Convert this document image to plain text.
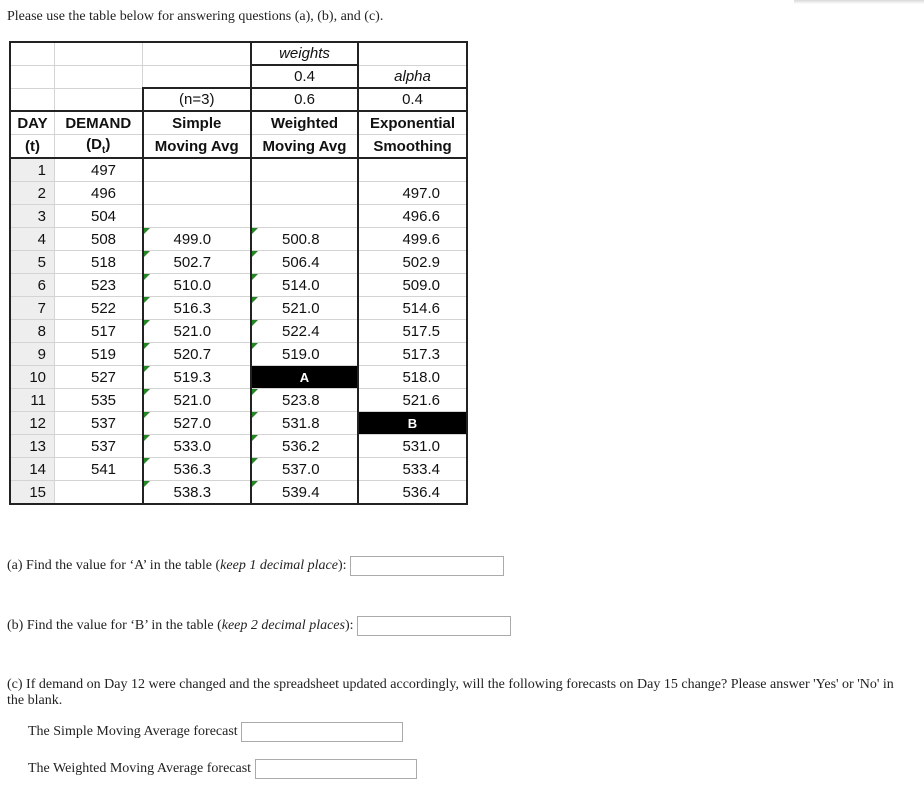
Please use the table below for answering questions (a), (b), and (c).
			weights	
			0.4	alpha
		(n=3)	0.6	0.4
DAY	DEMAND	Simple	Weighted	Exponential
(t)	$(D_t)$	Moving Avg	Moving Avg	Smoothing
1	497			
2	496			497.0
3	504			496.6
4	508	499.0	500.8	499.6
5	518	502.7	506.4	502.9
6	523	510.0	514.0	509.0
7	522	516.3	521.0	514.6
8	517	521.0	522.4	517.5
9	519	520.7	519.0	517.3
10	527	519.3	A	518.0
11	535	521.0	523.8	521.6
12	537	527.0	531.8	B
13	537	533.0	536.2	531.0
14	541	536.3	537.0	533.4
15		538.3	539.4	536.4
(a) Find the value for ‘A’ in the table (keep 1 decimal place):
(b) Find the value for ‘B’ in the table (keep 2 decimal places):
(c) If demand on Day 12 were changed and the spreadsheet updated accordingly, will the following forecasts on Day 15 change? Please answer 'Yes' or 'No' in the blank.
The Simple Moving Average forecast
The Weighted Moving Average forecast
